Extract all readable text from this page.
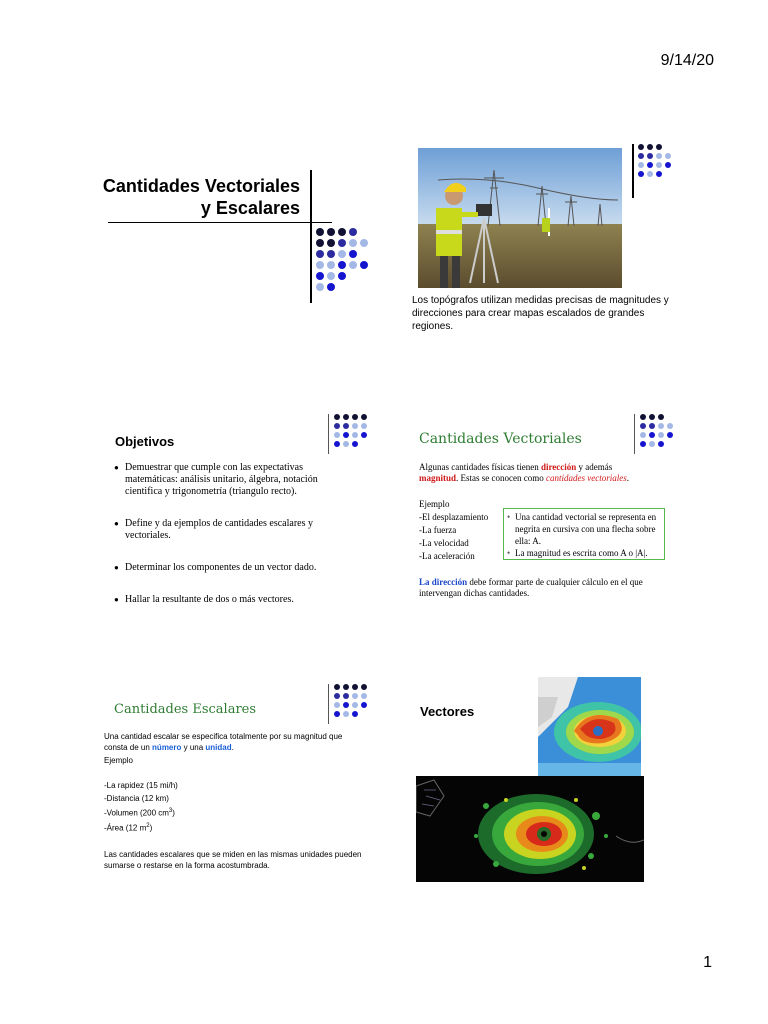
9/14/20
Cantidades Vectoriales
y Escalares
Los topógrafos utilizan medidas precisas de magnitudes y direcciones para crear mapas escalados de grandes regiones.
Objetivos
● Demuestrar que cumple con las expectativas matemáticas: análisis unitario, álgebra, notación cientifica y trigonometría (triangulo recto).
● Define y da ejemplos de cantidades escalares y vectoriales.
● Determinar los componentes de un vector dado.
● Hallar la resultante de dos o más vectores.
Cantidades Vectoriales
Algunas cantidades físicas tienen dirección y además magnitud. Estas se conocen como cantidades vectoriales.
Ejemplo
-El desplazamiento
-La fuerza
-La velocidad
-La aceleración
• Una cantidad vectorial se representa en negrita en cursiva con una flecha sobre ella: A.
• La magnitud es escrita como A o |A|.
La dirección debe formar parte de cualquier cálculo en el que intervengan dichas cantidades.
Cantidades Escalares
Una cantidad escalar se especifica totalmente por su magnitud que consta de un número y una unidad.
Ejemplo
-La rapidez (15 mi/h)
-Distancia (12 km)
-Volumen (200 $cm^3$)
-Área (12 $m^2$)
Las cantidades escalares que se miden en las mismas unidades pueden sumarse o restarse en la forma acostumbrada.
Vectores
1
